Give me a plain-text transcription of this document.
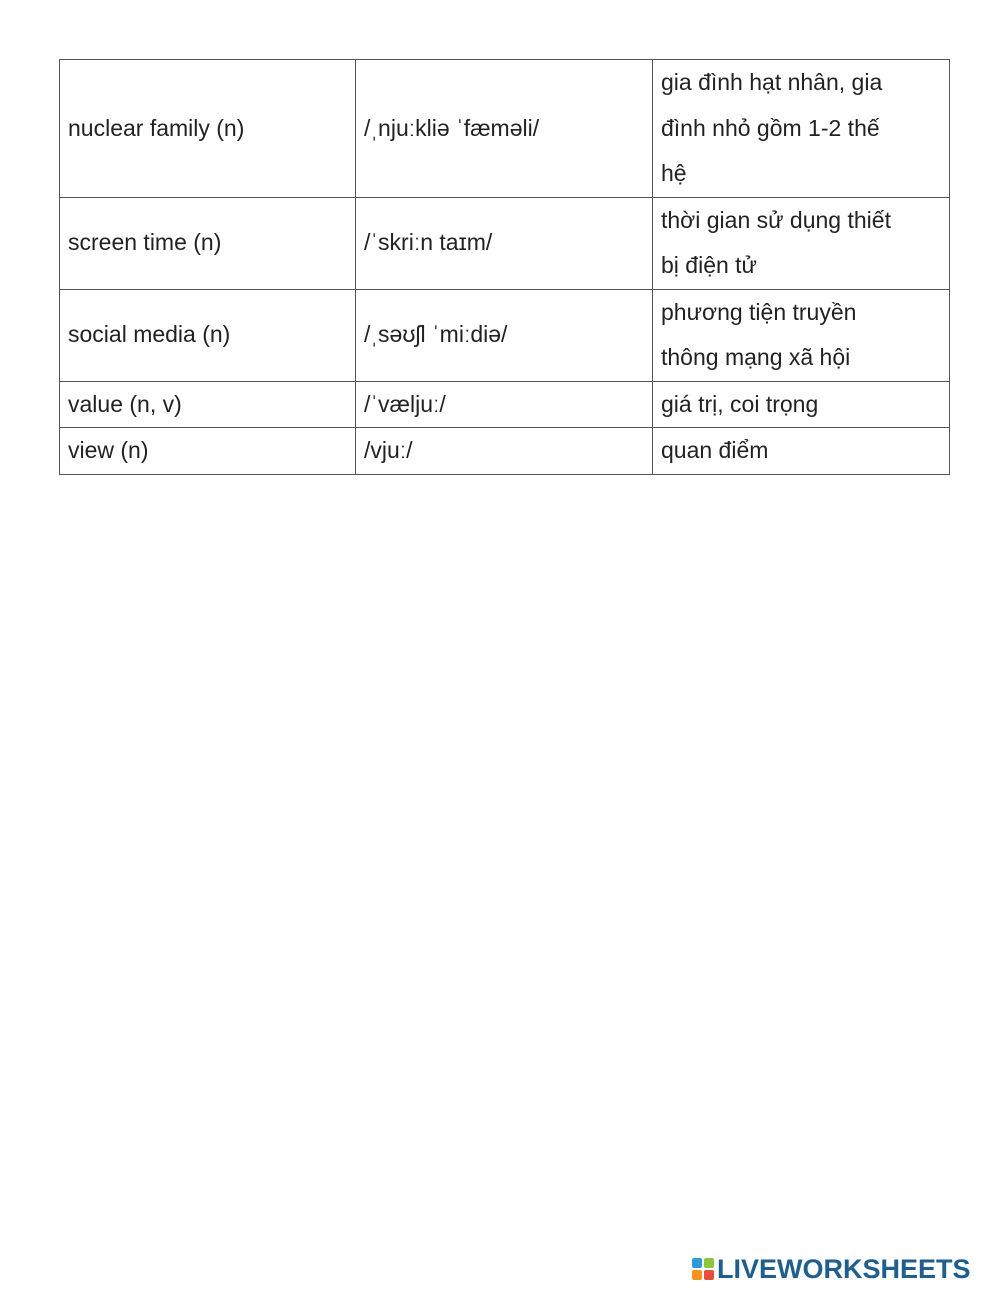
nuclear family (n)	/ˌnjuːkliə ˈfæməli/	gia đình hạt nhân, gia
đình nhỏ gồm 1-2 thế
hệ
screen time (n)	/ˈskriːn taɪm/	thời gian sử dụng thiết
bị điện tử
social media (n)	/ˌsəʊʃl ˈmiːdiə/	phương tiện truyền
thông mạng xã hội
value (n, v)	/ˈvæljuː/	giá trị, coi trọng
view (n)	/vjuː/	quan điểm
LIVEWORKSHEETS
